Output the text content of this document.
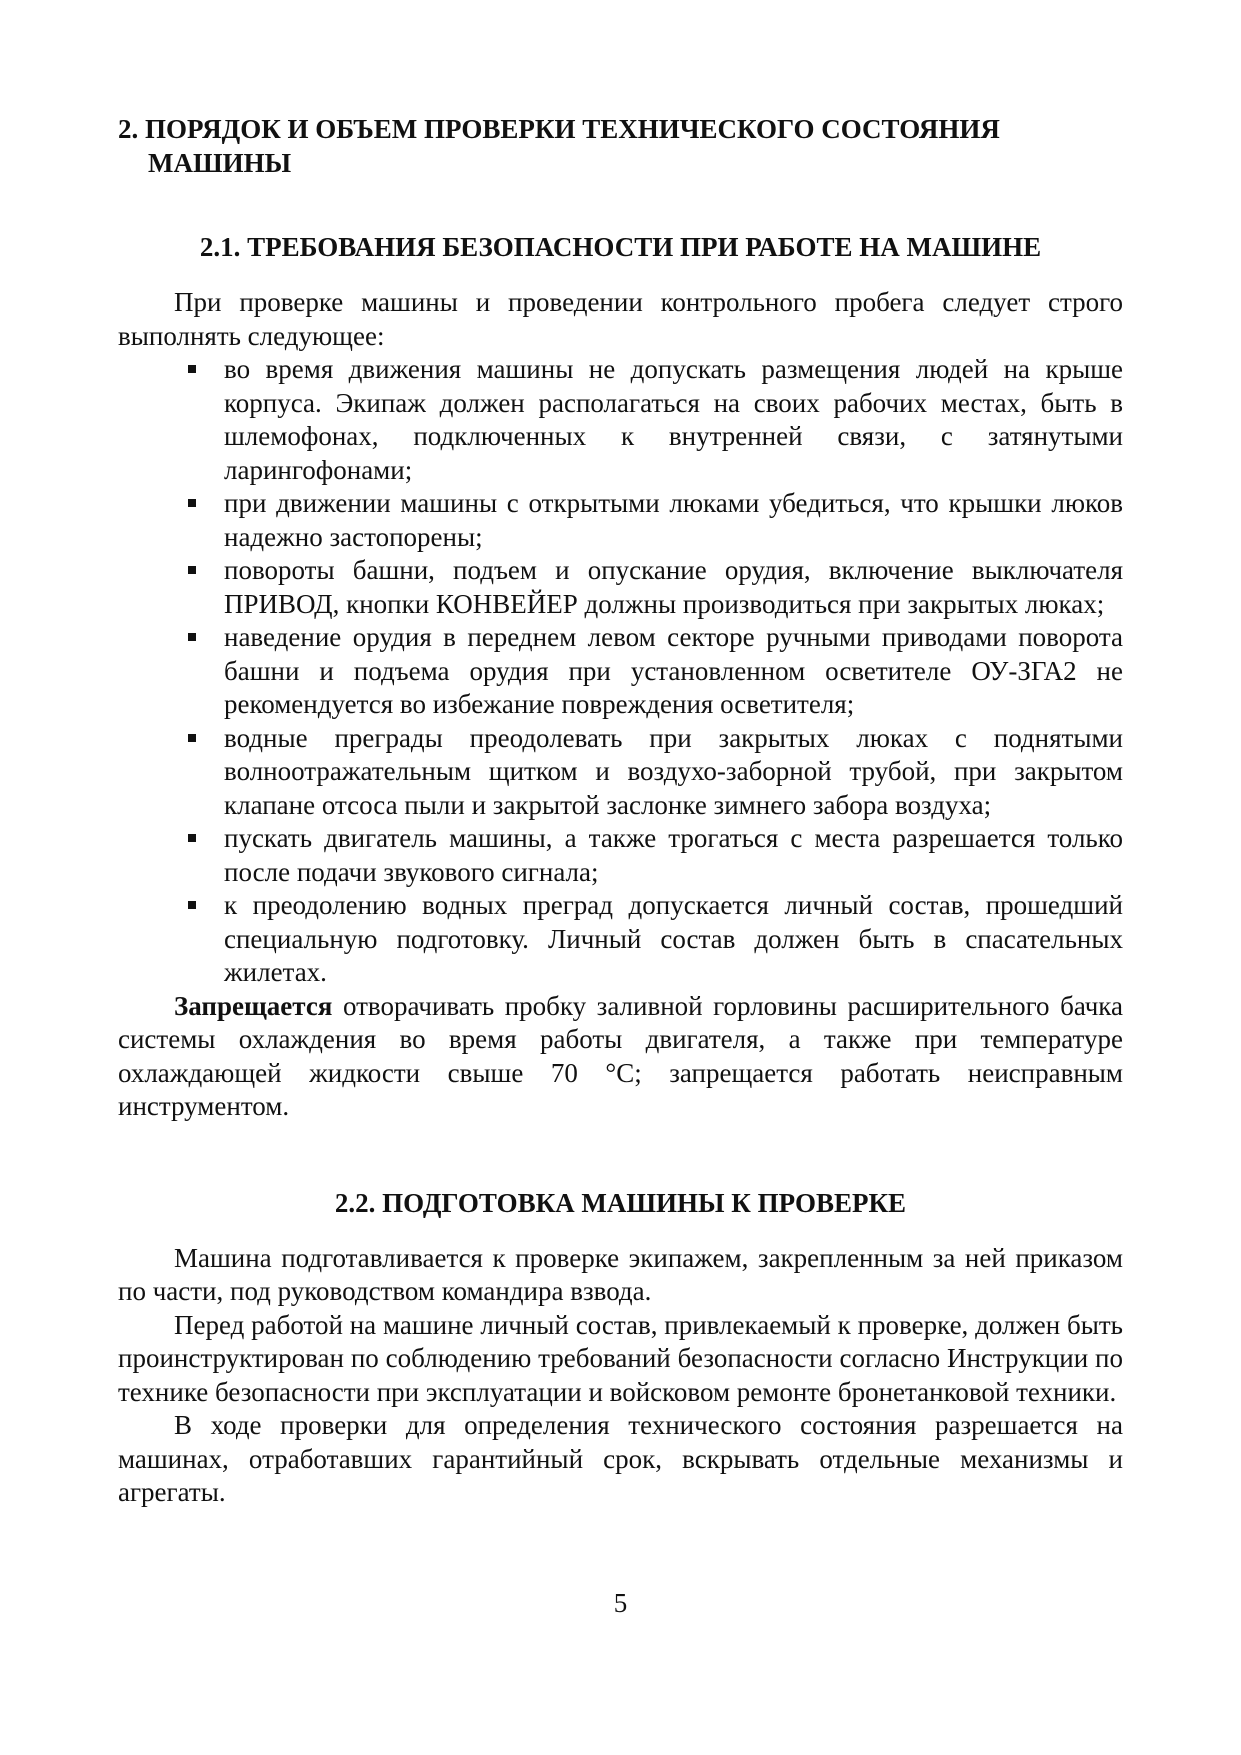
2. ПОРЯДОК И ОБЪЕМ ПРОВЕРКИ ТЕХНИЧЕСКОГО СОСТОЯНИЯ МАШИНЫ
2.1. ТРЕБОВАНИЯ БЕЗОПАСНОСТИ ПРИ РАБОТЕ НА МАШИНЕ

При проверке машины и проведении контрольного пробега следует строго выполнять следующее:

во время движения машины не допускать размещения людей на крыше корпуса. Экипаж должен располагаться на своих рабочих местах, быть в шлемофонах, подключенных к внутренней связи, с затянутыми ларингофонами;
при движении машины с открытыми люками убедиться, что крышки люков надежно застопорены;
повороты башни, подъем и опускание орудия, включение выключателя ПРИВОД, кнопки КОНВЕЙЕР должны производиться при закрытых люках;
наведение орудия в переднем левом секторе ручными приводами поворота башни и подъема орудия при установленном осветителе ОУ-ЗГА2 не рекомендуется во избежание повреждения осветителя;
водные преграды преодолевать при закрытых люках с поднятыми волноотражательным щитком и воздухо-заборной трубой, при закрытом клапане отсоса пыли и закрытой заслонке зимнего забора воздуха;
пускать двигатель машины, а также трогаться с места разрешается только после подачи звукового сигнала;
к преодолению водных преград допускается личный состав, прошедший специальную подготовку. Личный состав должен быть в спасательных жилетах.

Запрещается отворачивать пробку заливной горловины расширительного бачка системы охлаждения во время работы двигателя, а также при температуре охлаждающей жидкости свыше 70 °С; запрещается работать неисправным инструментом.

2.2. ПОДГОТОВКА МАШИНЫ К ПРОВЕРКЕ

Машина подготавливается к проверке экипажем, закрепленным за ней приказом по части, под руководством командира взвода.

Перед работой на машине личный состав, привлекаемый к проверке, должен быть проинструктирован по соблюдению требований безопасности согласно Инструкции по технике безопасности при эксплуатации и войсковом ремонте бронетанковой техники.

В ходе проверки для определения технического состояния разрешается на машинах, отработавших гарантийный срок, вскрывать отдельные механизмы и агрегаты.

5
